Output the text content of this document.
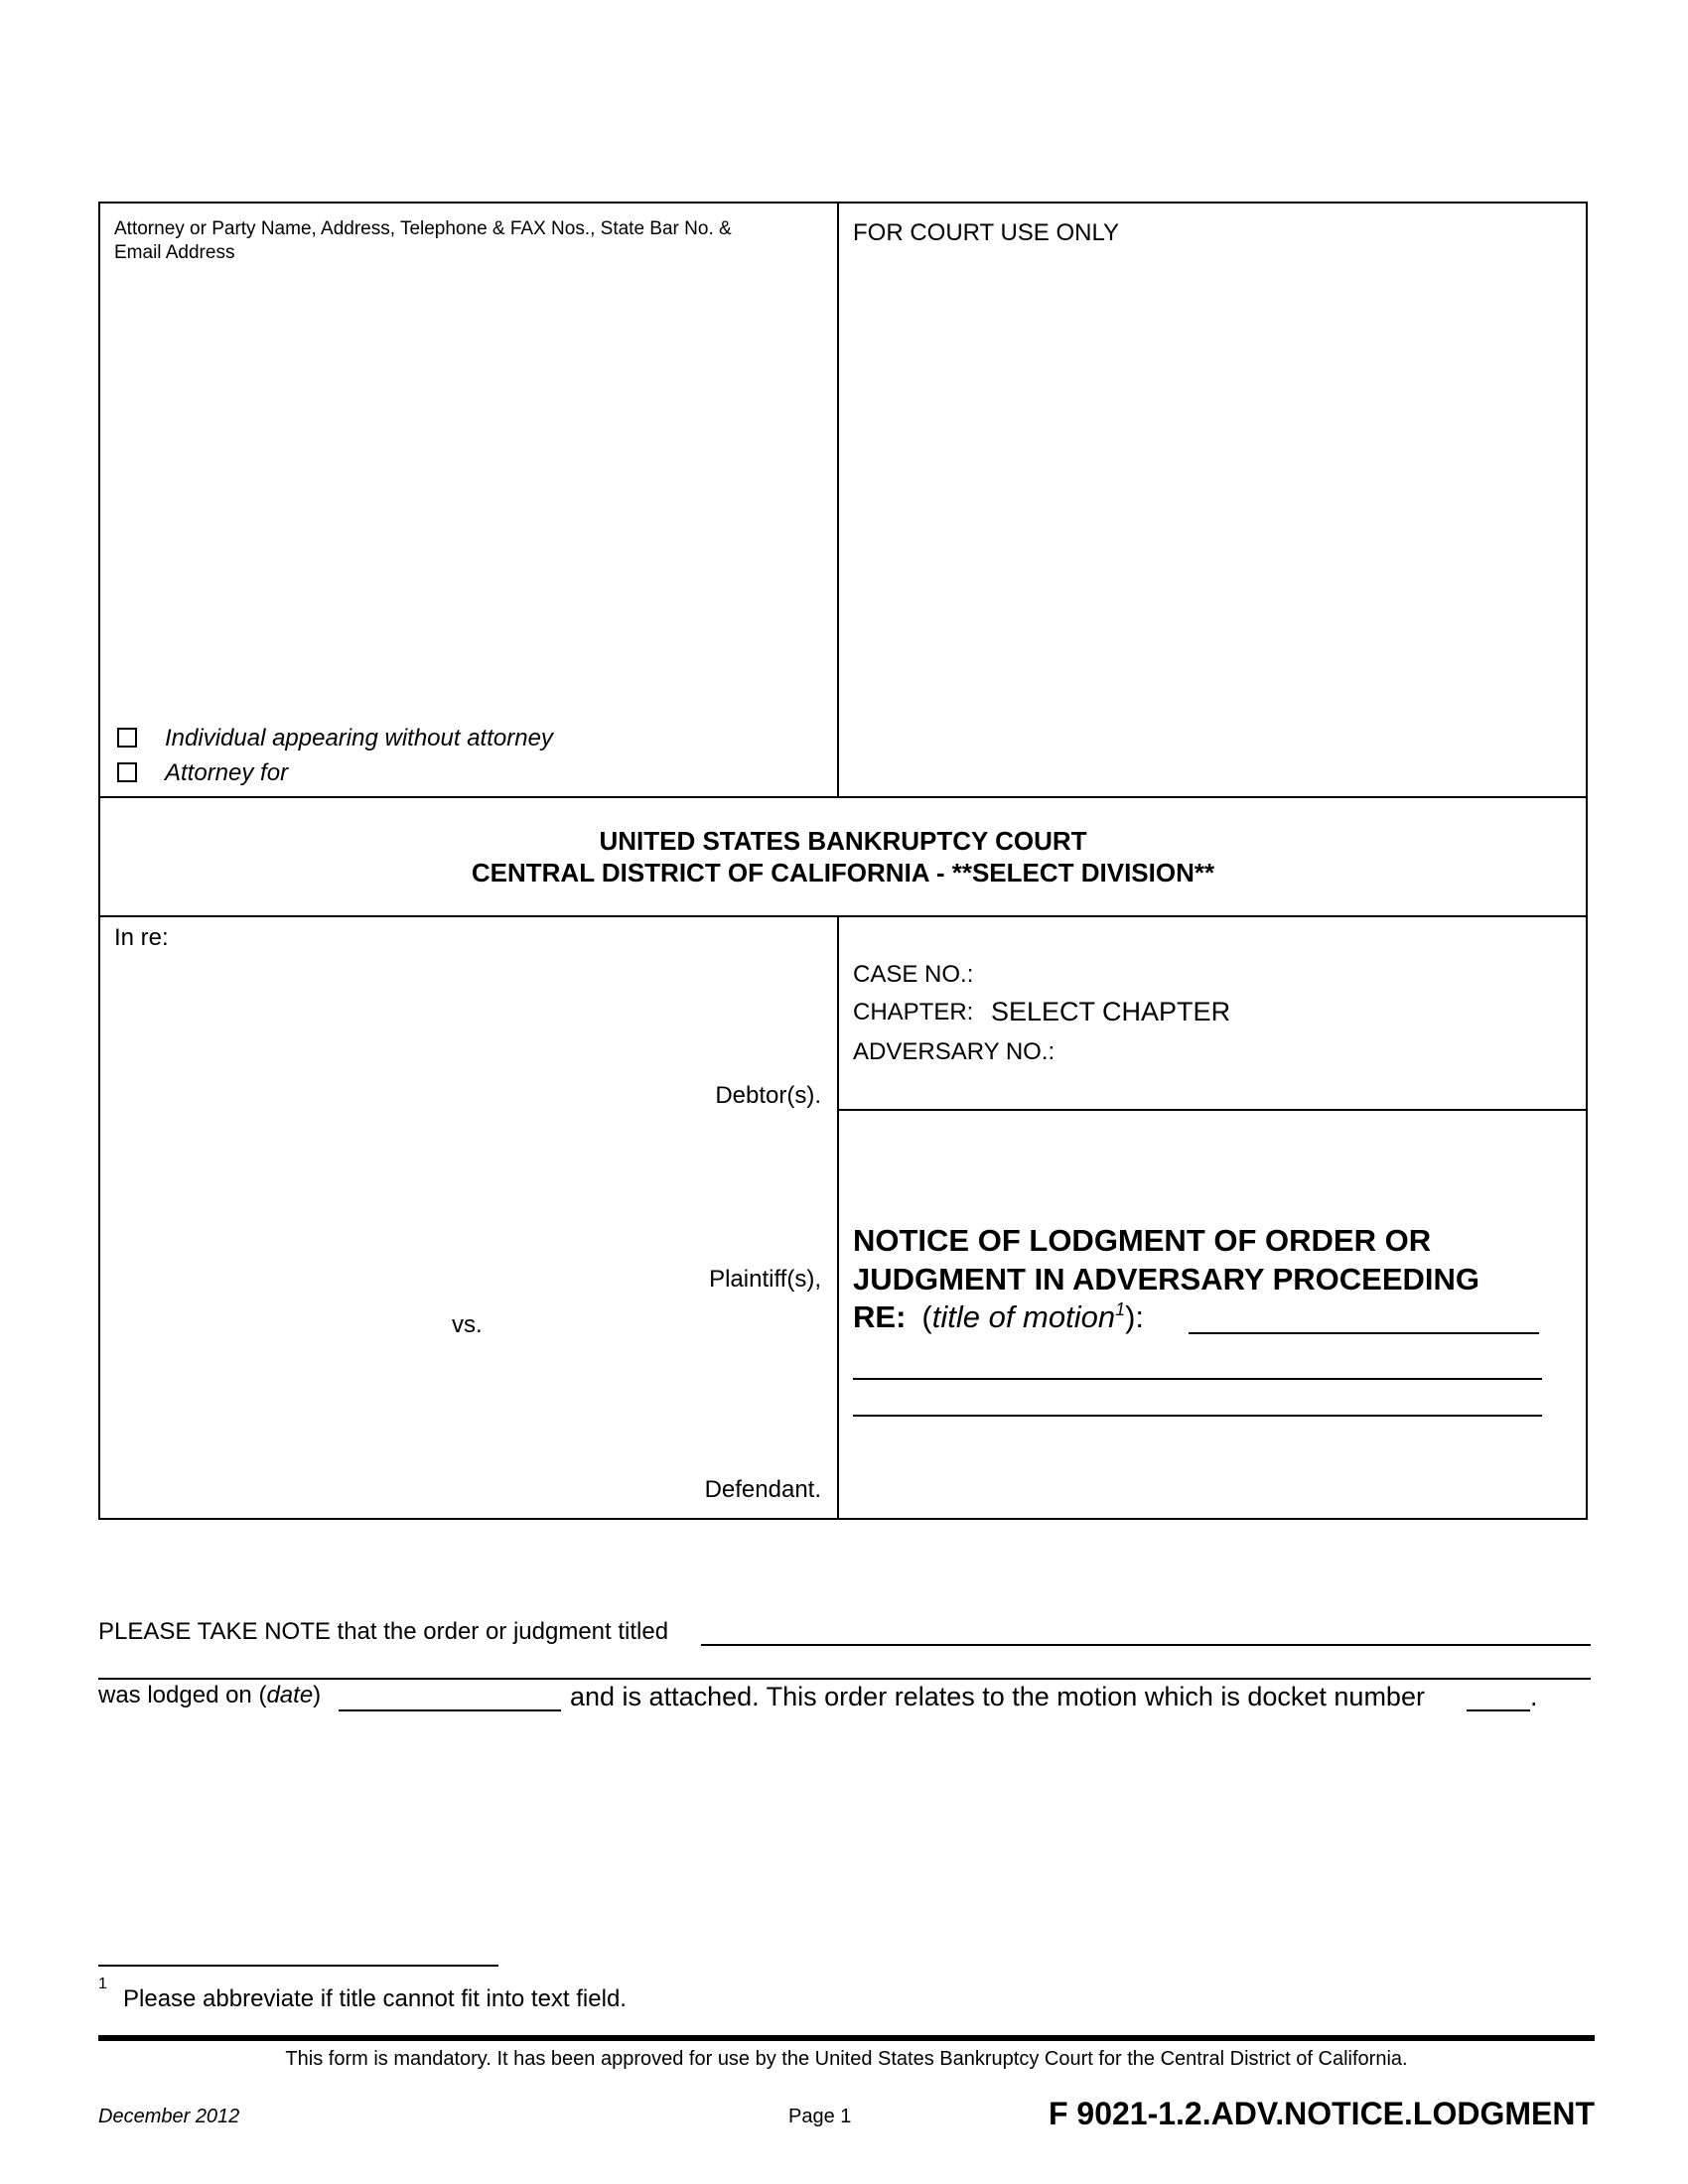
Attorney or Party Name, Address, Telephone & FAX Nos., State Bar No. &
Email Address
FOR COURT USE ONLY
Individual appearing without attorney
Attorney for
UNITED STATES BANKRUPTCY COURT
CENTRAL DISTRICT OF CALIFORNIA - **SELECT DIVISION**
In re:
Debtor(s).
Plaintiff(s),
vs.
Defendant.
CASE NO.:
CHAPTER: SELECT CHAPTER
ADVERSARY NO.:
NOTICE OF LODGMENT OF ORDER OR
JUDGMENT IN ADVERSARY PROCEEDING
RE: (title of motion$^1$):
PLEASE TAKE NOTE that the order or judgment titled
was lodged on (date)	and is attached. This order relates to the motion which is docket number	.
1
Please abbreviate if title cannot fit into text field.
This form is mandatory. It has been approved for use by the United States Bankruptcy Court for the Central District of California.
December 2012	Page 1	F 9021-1.2.ADV.NOTICE.LODGMENT
